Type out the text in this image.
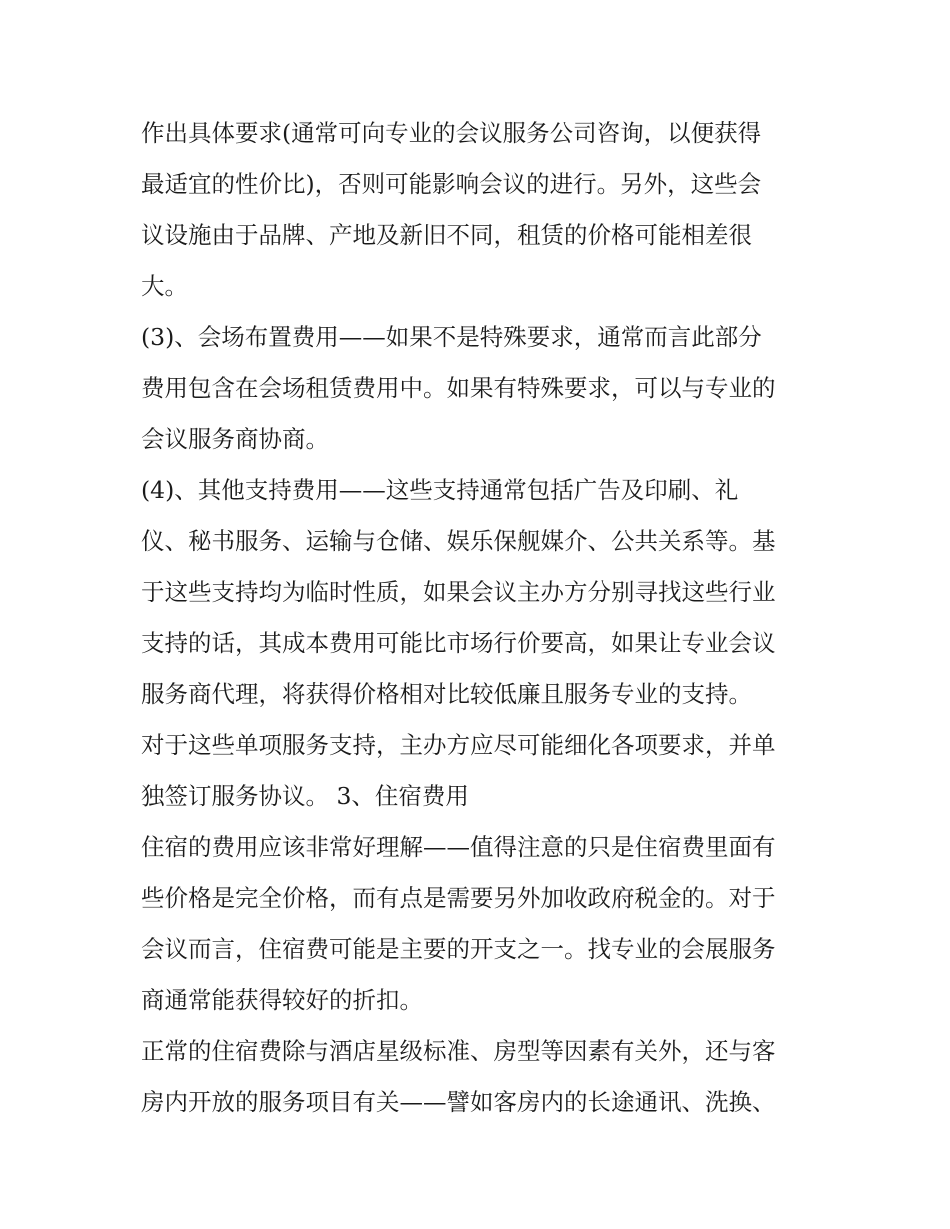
作出具体要求(通常可向专业的会议服务公司咨询，以便获得
最适宜的性价比)，否则可能影响会议的进行。另外，这些会
议设施由于品牌、产地及新旧不同，租赁的价格可能相差很
大。
(3)、会场布置费用——如果不是特殊要求，通常而言此部分
费用包含在会场租赁费用中。如果有特殊要求，可以与专业的
会议服务商协商。
(4)、其他支持费用——这些支持通常包括广告及印刷、礼
仪、秘书服务、运输与仓储、娱乐保舰媒介、公共关系等。基
于这些支持均为临时性质，如果会议主办方分别寻找这些行业
支持的话，其成本费用可能比市场行价要高，如果让专业会议
服务商代理，将获得价格相对比较低廉且服务专业的支持。
对于这些单项服务支持，主办方应尽可能细化各项要求，并单
独签订服务协议。 3、住宿费用
住宿的费用应该非常好理解——值得注意的只是住宿费里面有
些价格是完全价格，而有点是需要另外加收政府税金的。对于
会议而言，住宿费可能是主要的开支之一。找专业的会展服务
商通常能获得较好的折扣。
正常的住宿费除与酒店星级标准、房型等因素有关外，还与客
房内开放的服务项目有关——譬如客房内的长途通讯、洗换、
